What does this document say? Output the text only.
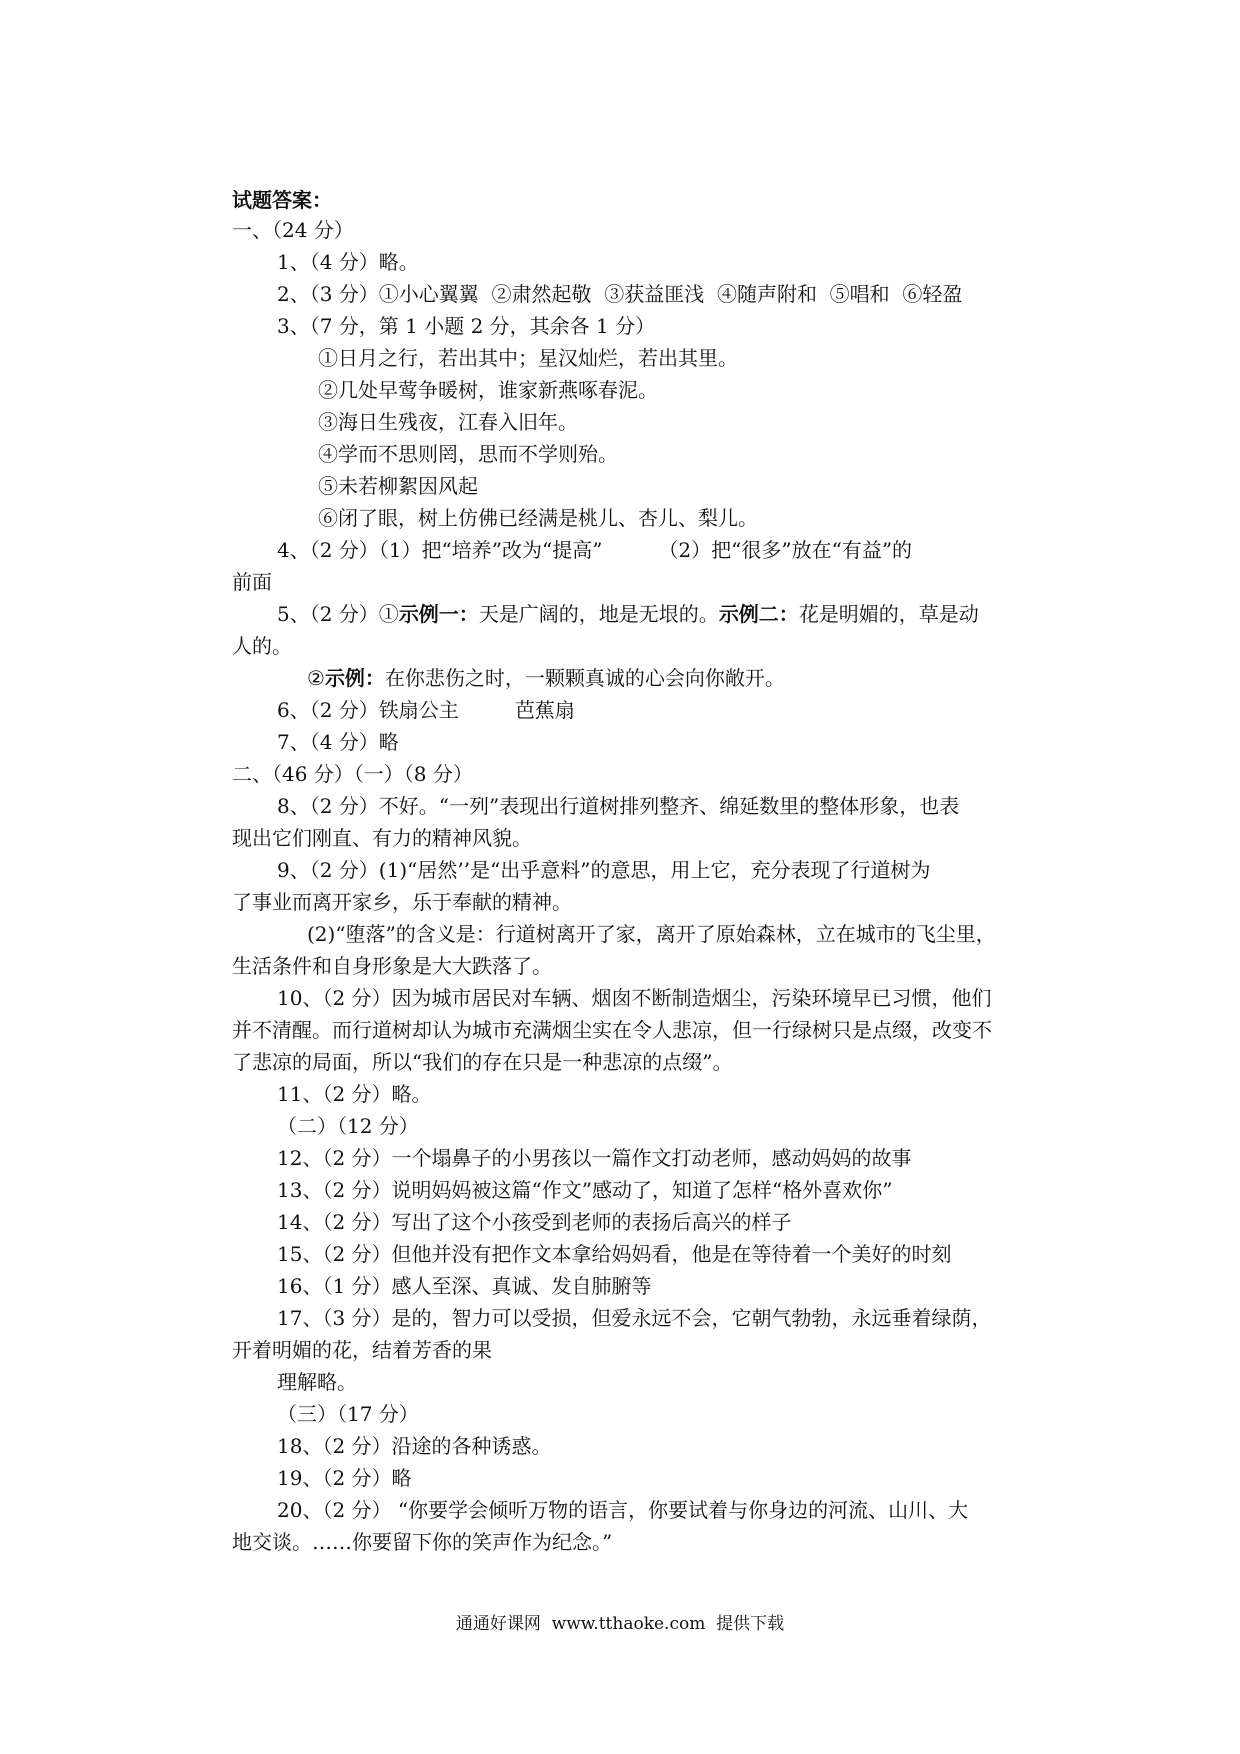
试题答案：
一、（24 分）
1、（4 分）略。
2、（3 分）①小心翼翼  ②肃然起敬  ③获益匪浅  ④随声附和  ⑤唱和  ⑥轻盈
3、（7 分，第 1 小题 2 分，其余各 1 分）
①日月之行，若出其中；星汉灿烂，若出其里。
②几处早莺争暖树，谁家新燕啄春泥。
③海日生残夜，江春入旧年。
④学而不思则罔，思而不学则殆。
⑤未若柳絮因风起
⑥闭了眼，树上仿佛已经满是桃儿、杏儿、梨儿。
4、（2 分）（1）把“培养”改为“提高”	（2）把“很多”放在“有益”的
前面
5、（2 分）①示例一：天是广阔的，地是无垠的。示例二：花是明媚的，草是动
人的。
②示例：在你悲伤之时，一颗颗真诚的心会向你敞开。
6、（2 分）铁扇公主	芭蕉扇
7、（4 分）略
二、（46 分）（一）（8 分）
8、（2 分）不好。“一列”表现出行道树排列整齐、绵延数里的整体形象，也表
现出它们刚直、有力的精神风貌。
9、（2 分）(1)“居然’’是“出乎意料”的意思，用上它，充分表现了行道树为
了事业而离开家乡，乐于奉献的精神。
(2)“堕落”的含义是：行道树离开了家，离开了原始森林，立在城市的飞尘里，
生活条件和自身形象是大大跌落了。
10、（2 分）因为城市居民对车辆、烟囱不断制造烟尘，污染环境早已习惯，他们
并不清醒。而行道树却认为城市充满烟尘实在令人悲凉，但一行绿树只是点缀，改变不
了悲凉的局面，所以“我们的存在只是一种悲凉的点缀”。
11、（2 分）略。
（二）（12 分）
12、（2 分）一个塌鼻子的小男孩以一篇作文打动老师，感动妈妈的故事
13、（2 分）说明妈妈被这篇“作文”感动了，知道了怎样“格外喜欢你”
14、（2 分）写出了这个小孩受到老师的表扬后高兴的样子
15、（2 分）但他并没有把作文本拿给妈妈看，他是在等待着一个美好的时刻
16、（1 分）感人至深、真诚、发自肺腑等
17、（3 分）是的，智力可以受损，但爱永远不会，它朝气勃勃，永远垂着绿荫，
开着明媚的花，结着芳香的果
理解略。
（三）（17 分）
18、（2 分）沿途的各种诱惑。
19、（2 分）略
20、（2 分） “你要学会倾听万物的语言，你要试着与你身边的河流、山川、大
地交谈。……你要留下你的笑声作为纪念。”
通通好课网  www.tthaoke.com  提供下载
